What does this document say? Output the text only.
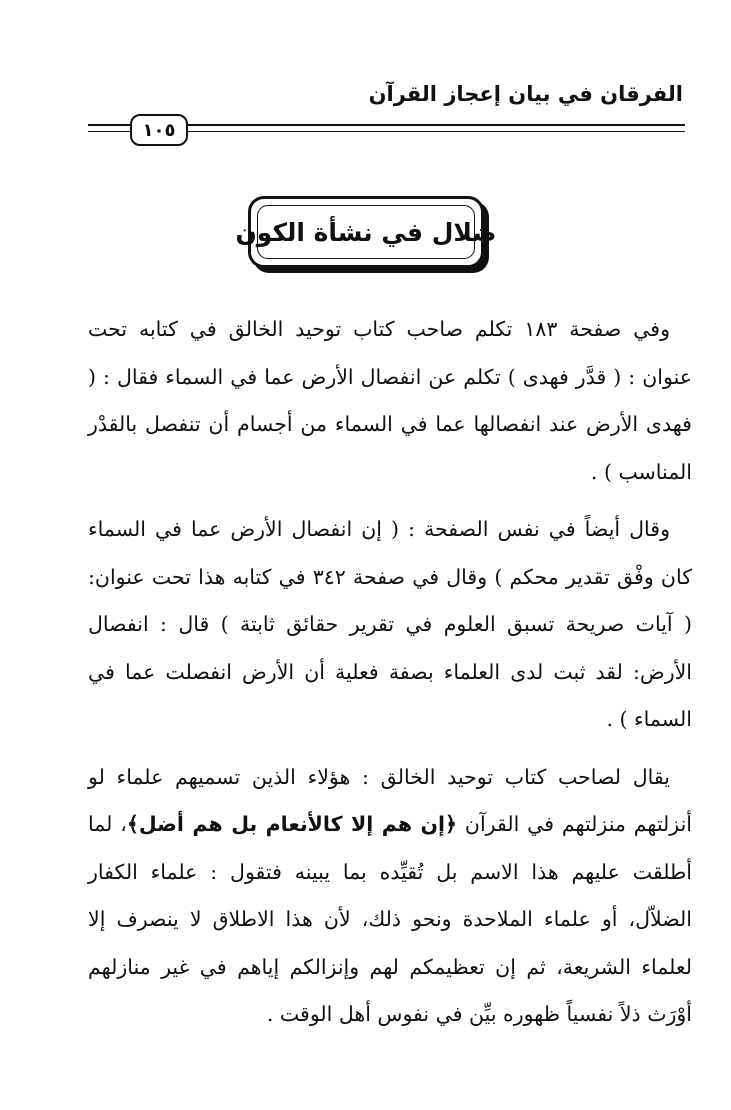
الفرقان في بيان إعجاز القرآن
١٠٥
ضلال في نشأة الكون

وفي صفحة ١٨٣ تكلم صاحب كتاب توحيد الخالق في كتابه تحت عنوان : ( قدَّر فهدى ) تكلم عن انفصال الأرض عما في السماء فقال : ( فهدى الأرض عند انفصالها عما في السماء من أجسام أن تنفصل بالقدْر المناسب ) .

وقال أيضاً في نفس الصفحة : ( إن انفصال الأرض عما في السماء كان وفْق تقدير محكم ) وقال في صفحة ٣٤٢ في كتابه هذا تحت عنوان: ( آيات صريحة تسبق العلوم في تقرير حقائق ثابتة ) قال : انفصال الأرض: لقد ثبت لدى العلماء بصفة فعلية أن الأرض انفصلت عما في السماء ) .

يقال لصاحب كتاب توحيد الخالق : هؤلاء الذين تسميهم علماء لو أنزلتهم منزلتهم في القرآن ﴿إن هم إلا كالأنعام بل هم أضل﴾، لما أطلقت عليهم هذا الاسم بل تُقيِّده بما يبينه فتقول : علماء الكفار الضلاّل، أو علماء الملاحدة ونحو ذلك، لأن هذا الاطلاق لا ينصرف إلا لعلماء الشريعة، ثم إن تعظيمكم لهم وإنزالكم إياهم في غير منازلهم أوْرَث ذلاً نفسياً ظهوره بيِّن في نفوس أهل الوقت .
